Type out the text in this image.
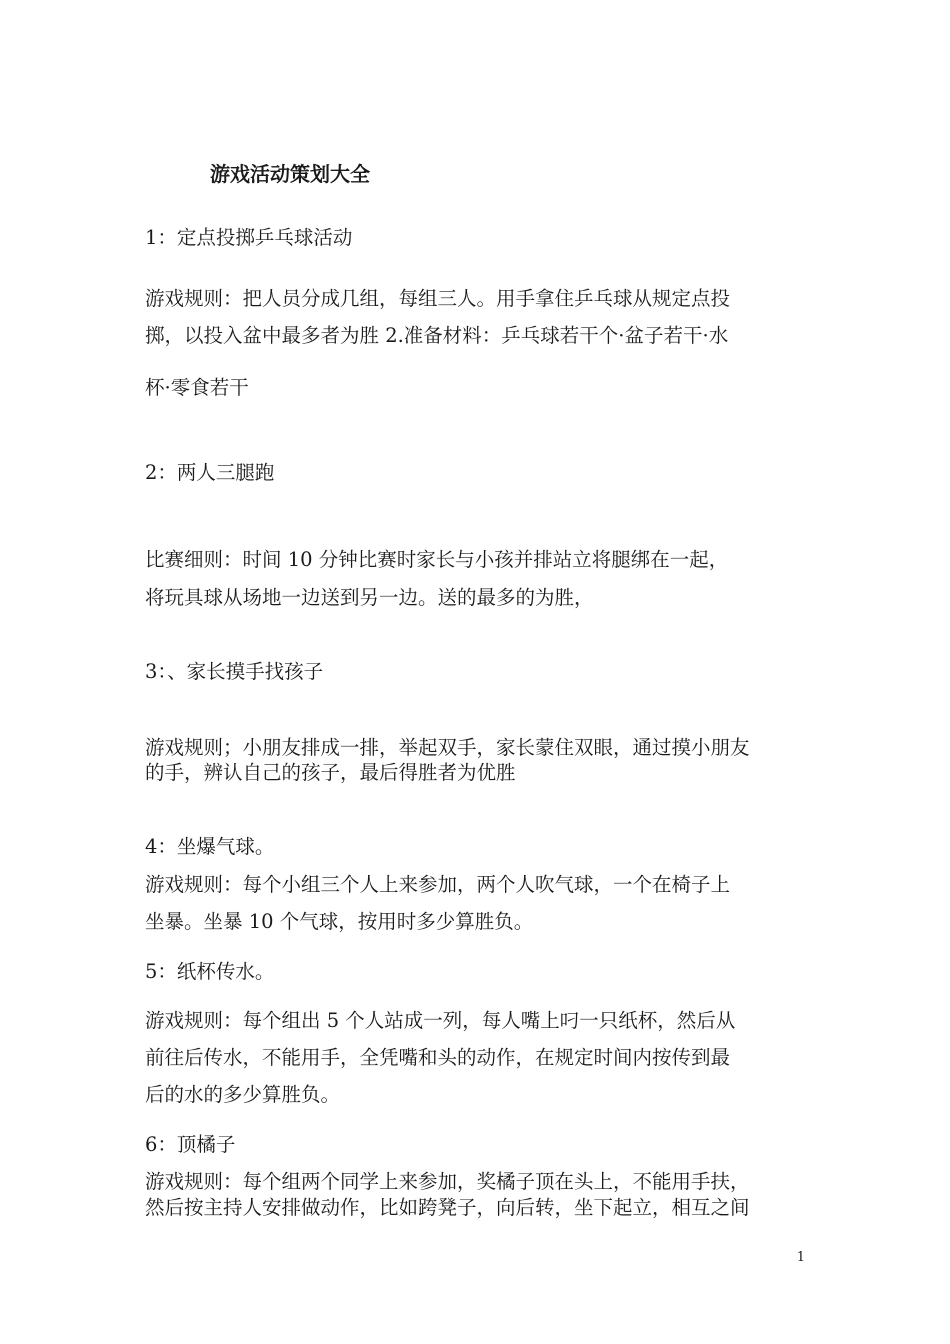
游戏活动策划大全
1：定点投掷乒乓球活动
游戏规则：把人员分成几组，每组三人。用手拿住乒乓球从规定点投
掷，以投入盆中最多者为胜 2.准备材料：乒乓球若干个·盆子若干·水
杯·零食若干
2：两人三腿跑
比赛细则：时间 10 分钟比赛时家长与小孩并排站立将腿绑在一起，
将玩具球从场地一边送到另一边。送的最多的为胜，
3：、家长摸手找孩子
游戏规则；小朋友排成一排，举起双手，家长蒙住双眼，通过摸小朋友
的手，辨认自己的孩子，最后得胜者为优胜
4：坐爆气球。
游戏规则：每个小组三个人上来参加，两个人吹气球，一个在椅子上
坐暴。坐暴 10 个气球，按用时多少算胜负。
5：纸杯传水。
游戏规则：每个组出 5 个人站成一列，每人嘴上叼一只纸杯，然后从
前往后传水，不能用手，全凭嘴和头的动作，在规定时间内按传到最
后的水的多少算胜负。
6：顶橘子
游戏规则：每个组两个同学上来参加，奖橘子顶在头上，不能用手扶，
然后按主持人安排做动作，比如跨凳子，向后转，坐下起立，相互之间
1
